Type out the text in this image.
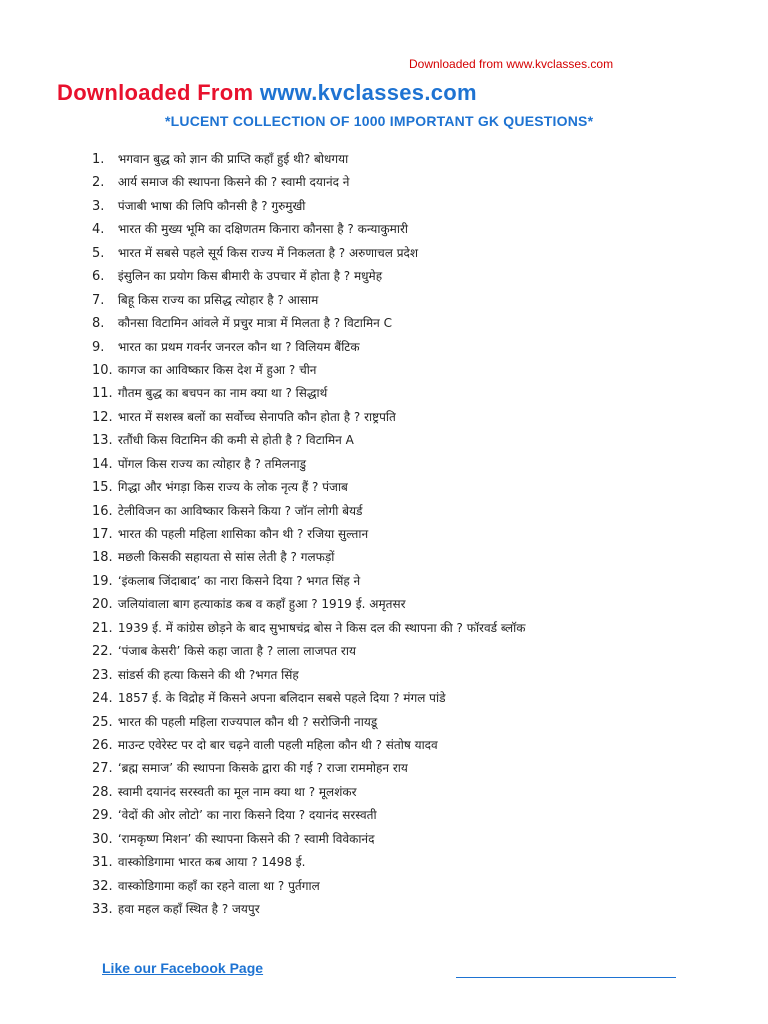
Downloaded from www.kvclasses.com
Downloaded From www.kvclasses.com
*LUCENT COLLECTION OF 1000 IMPORTANT GK QUESTIONS*
1. भगवान बुद्ध को ज्ञान की प्राप्ति कहाँ हुई थी? बोधगया
2. आर्य समाज की स्थापना किसने की ? स्वामी दयानंद ने
3. पंजाबी भाषा की लिपि कौनसी है ? गुरुमुखी
4. भारत की मुख्य भूमि का दक्षिणतम किनारा कौनसा है ? कन्याकुमारी
5. भारत में सबसे पहले सूर्य किस राज्य में निकलता है ? अरुणाचल प्रदेश
6. इंसुलिन का प्रयोग किस बीमारी के उपचार में होता है ? मधुमेह
7. बिहू किस राज्य का प्रसिद्ध त्योहार है ? आसाम
8. कौनसा विटामिन आंवले में प्रचुर मात्रा में मिलता है ? विटामिन C
9. भारत का प्रथम गवर्नर जनरल कौन था ? विलियम बैंटिक
10. कागज का आविष्कार किस देश में हुआ ? चीन
11. गौतम बुद्ध का बचपन का नाम क्या था ? सिद्धार्थ
12. भारत में सशस्त्र बलों का सर्वोच्च सेनापति कौन होता है ? राष्ट्रपति
13. रतौंधी किस विटामिन की कमी से होती है ? विटामिन A
14. पोंगल किस राज्य का त्योहार है ? तमिलनाडु
15. गिद्धा और भंगड़ा किस राज्य के लोक नृत्य हैं ? पंजाब
16. टेलीविजन का आविष्कार किसने किया ? जॉन लोगी बेयर्ड
17. भारत की पहली महिला शासिका कौन थी ? रजिया सुल्तान
18. मछली किसकी सहायता से सांस लेती है ? गलफड़ों
19. ‘इंकलाब जिंदाबाद’ का नारा किसने दिया ? भगत सिंह ने
20. जलियांवाला बाग हत्याकांड कब व कहाँ हुआ ? 1919 ई. अमृतसर
21. 1939 ई. में कांग्रेस छोड़ने के बाद सुभाषचंद्र बोस ने किस दल की स्थापना की ? फॉरवर्ड ब्लॉक
22. ‘पंजाब केसरी’ किसे कहा जाता है ? लाला लाजपत राय
23. सांडर्स की हत्या किसने की थी ?भगत सिंह
24. 1857 ई. के विद्रोह में किसने अपना बलिदान सबसे पहले दिया ? मंगल पांडे
25. भारत की पहली महिला राज्यपाल कौन थी ? सरोजिनी नायडू
26. माउन्ट एवेरेस्ट पर दो बार चढ़ने वाली पहली महिला कौन थी ? संतोष यादव
27. ‘ब्रह्म समाज’ की स्थापना किसके द्वारा की गई ? राजा राममोहन राय
28. स्वामी दयानंद सरस्वती का मूल नाम क्या था ? मूलशंकर
29. ‘वेदों की ओर लोटो’ का नारा किसने दिया ? दयानंद सरस्वती
30. ‘रामकृष्ण मिशन’ की स्थापना किसने की ? स्वामी विवेकानंद
31. वास्कोडिगामा भारत कब आया ? 1498 ई.
32. वास्कोडिगामा कहाँ का रहने वाला था ? पुर्तगाल
33. हवा महल कहाँ स्थित है ? जयपुर
Like our Facebook Page
